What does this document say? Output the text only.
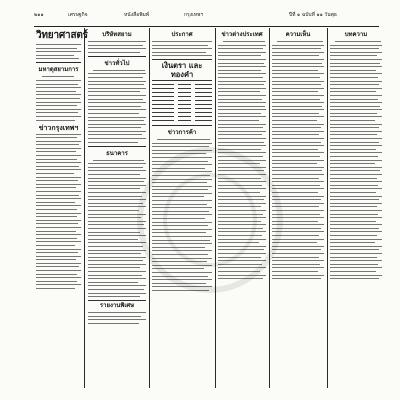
๒๑๑	เศรษฐกิจ	หนังสือพิมพ์	กรุงเทพฯ	ปีที่ ๑ ฉบับที่ ๑๑ วันพุธ
วิทยาศาสตร์
มหาดุสยามการ
ข่าวกรุงเทพฯ
บริษัทสยาม
ข่าวทั่วไป
ธนาคาร
รายงานพิเศษ
ประกาศ
เงินตรา และทองคำ
ข่าวการค้า
ข่าวต่างประเทศ	ความเห็น	บทความ
